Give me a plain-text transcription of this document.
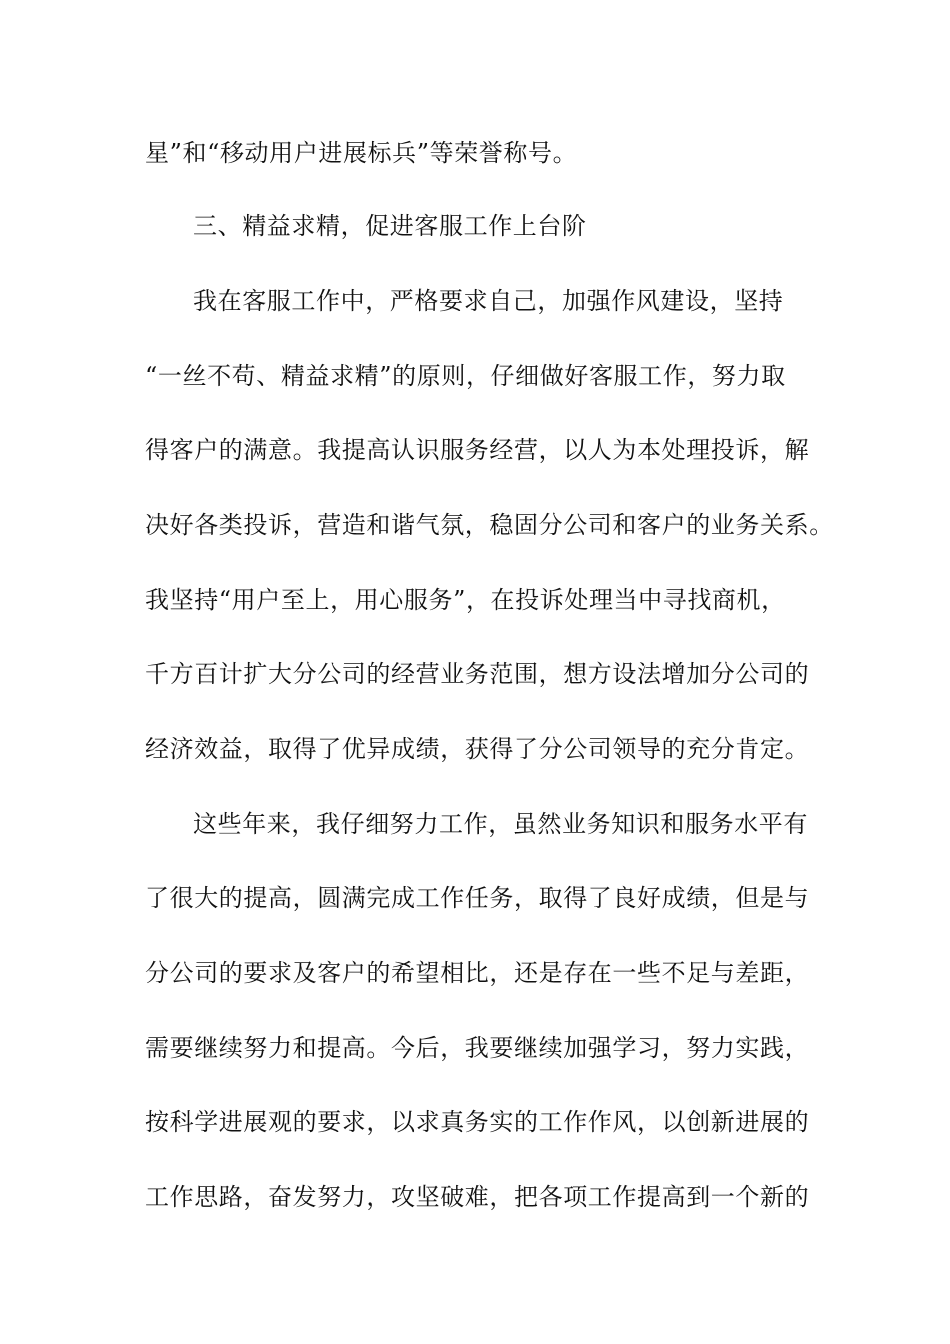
星”和“移动用户进展标兵”等荣誉称号。
三、精益求精，促进客服工作上台阶
我在客服工作中，严格要求自己，加强作风建设，坚持
“一丝不苟、精益求精”的原则，仔细做好客服工作，努力取
得客户的满意。我提高认识服务经营，以人为本处理投诉，解
决好各类投诉，营造和谐气氛，稳固分公司和客户的业务关系。
我坚持“用户至上，用心服务”，在投诉处理当中寻找商机，
千方百计扩大分公司的经营业务范围，想方设法增加分公司的
经济效益，取得了优异成绩，获得了分公司领导的充分肯定。
这些年来，我仔细努力工作，虽然业务知识和服务水平有
了很大的提高，圆满完成工作任务，取得了良好成绩，但是与
分公司的要求及客户的希望相比，还是存在一些不足与差距，
需要继续努力和提高。今后，我要继续加强学习，努力实践，
按科学进展观的要求，以求真务实的工作作风，以创新进展的
工作思路，奋发努力，攻坚破难，把各项工作提高到一个新的
